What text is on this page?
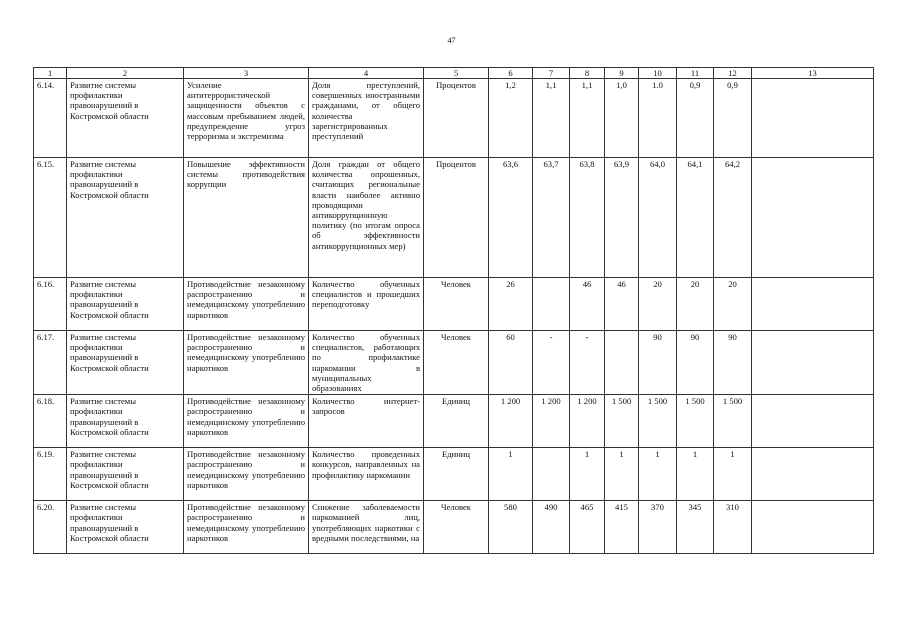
47
1	2	3	4	5	6	7	8	9	10	11	12	13
6.14.	Развитие системы профилактики правонарушений в Костромской области	Усиление антитеррористической защищенности объектов с массовым пребыванием людей, предупреждение угроз терроризма и экстремизма	Доля преступлений, совершенных иностранными гражданами, от общего количества зарегистрированных преступлений	Процентов	1,2	1,1	1,1	1,0	1.0	0,9	0,9	
6.15.	Развитие системы профилактики правонарушений в Костромской области	Повышение эффективности системы противодействия коррупции	Доля граждан от общего количества опрошенных, считающих региональные власти наиболее активно проводящими антикоррупционную политику (по итогам опроса об эффективности антикоррупционных мер)	Процентов	63,6	63,7	63,8	63,9	64,0	64,1	64,2	
6.16.	Развитие системы профилактики правонарушений в Костромской области	Противодействие незаконному распространению и немедицинскому употреблению наркотиков	Количество обученных специалистов и прошедших переподготовку	Человек	26		46	46	20	20	20	
6.17.	Развитие системы профилактики правонарушений в Костромской области	Противодействие незаконному распространению и немедицинскому употреблению наркотиков	Количество обученных специалистов, работающих по профилактике наркомании в муниципальных образованиях	Человек	60	-	-		90	90	90	
6.18.	Развитие системы профилактики правонарушений в Костромской области	Противодействие незаконному распространению и немедицинскому употреблению наркотиков	Количество интернет-запросов	Единиц	1 200	1 200	1 200	1 500	1 500	1 500	1 500	
6.19.	Развитие системы профилактики правонарушений в Костромской области	Противодействие незаконному распространению и немедицинскому употреблению наркотиков	Количество проведенных конкурсов, направленных на профилактику наркомании	Единиц	1		1	1	1	1	1	
6.20.	Развитие системы профилактики правонарушений в Костромской области	Противодействие незаконному распространению и немедицинскому употреблению наркотиков	Снижение заболеваемости наркоманией лиц, употребляющих наркотики с вредными последствиями, на	Человек	580	490	465	415	370	345	310	
